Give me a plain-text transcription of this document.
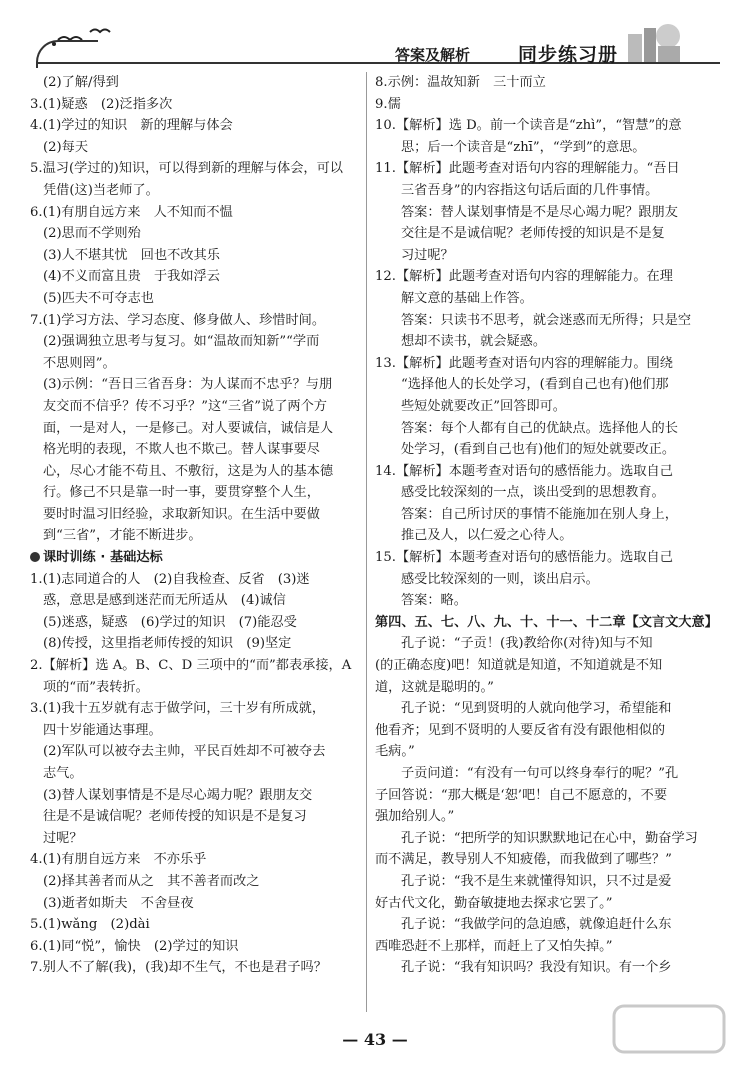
答案及解析	同步练习册
(2)了解/得到
3.(1)疑惑　(2)泛指多次
4.(1)学过的知识　新的理解与体会
(2)每天
5.温习(学过的)知识，可以得到新的理解与体会，可以
凭借(这)当老师了。
6.(1)有朋自远方来　人不知而不愠
(2)思而不学则殆
(3)人不堪其忧　回也不改其乐
(4)不义而富且贵　于我如浮云
(5)匹夫不可夺志也
7.(1)学习方法、学习态度、修身做人、珍惜时间。
(2)强调独立思考与复习。如“温故而知新”“学而
不思则罔”。
(3)示例：“吾日三省吾身：为人谋而不忠乎？与朋
友交而不信乎？传不习乎？”这“三省”说了两个方
面，一是对人，一是修己。对人要诚信，诚信是人
格光明的表现，不欺人也不欺己。替人谋事要尽
心，尽心才能不苟且、不敷衍，这是为人的基本德
行。修己不只是靠一时一事，要贯穿整个人生，
要时时温习旧经验，求取新知识。在生活中要做
到“三省”，才能不断进步。
课时训练 · 基础达标
1.(1)志同道合的人　(2)自我检查、反省　(3)迷
惑，意思是感到迷茫而无所适从　(4)诚信
(5)迷惑，疑惑　(6)学过的知识　(7)能忍受
(8)传授，这里指老师传授的知识　(9)坚定
2.【解析】选 A。B、C、D 三项中的“而”都表承接，A
项的“而”表转折。
3.(1)我十五岁就有志于做学问，三十岁有所成就，
四十岁能通达事理。
(2)军队可以被夺去主帅，平民百姓却不可被夺去
志气。
(3)替人谋划事情是不是尽心竭力呢？跟朋友交
往是不是诚信呢？老师传授的知识是不是复习
过呢？
4.(1)有朋自远方来　不亦乐乎
(2)择其善者而从之　其不善者而改之
(3)逝者如斯夫　不舍昼夜
5.(1)wǎng　(2)dài
6.(1)同“悦”，愉快　(2)学过的知识
7.别人不了解(我)，(我)却不生气，不也是君子吗？
8.示例：温故知新　三十而立
9.儒
10.【解析】选 D。前一个读音是“zhì”，“智慧”的意
思；后一个读音是“zhī”，“学到”的意思。
11.【解析】此题考查对语句内容的理解能力。“吾日
三省吾身”的内容指这句话后面的几件事情。
答案：替人谋划事情是不是尽心竭力呢？跟朋友
交往是不是诚信呢？老师传授的知识是不是复
习过呢？
12.【解析】此题考查对语句内容的理解能力。在理
解文意的基础上作答。
答案：只读书不思考，就会迷惑而无所得；只是空
想却不读书，就会疑惑。
13.【解析】此题考查对语句内容的理解能力。围绕
“选择他人的长处学习，(看到自己也有)他们那
些短处就要改正”回答即可。
答案：每个人都有自己的优缺点。选择他人的长
处学习，(看到自己也有)他们的短处就要改正。
14.【解析】本题考查对语句的感悟能力。选取自己
感受比较深刻的一点，谈出受到的思想教育。
答案：自己所讨厌的事情不能施加在别人身上，
推己及人，以仁爱之心待人。
15.【解析】本题考查对语句的感悟能力。选取自己
感受比较深刻的一则，谈出启示。
答案：略。
第四、五、七、八、九、十、十一、十二章【文言文大意】
孔子说：“子贡！(我)教给你(对待)知与不知
(的正确态度)吧！知道就是知道，不知道就是不知
道，这就是聪明的。”
孔子说：“见到贤明的人就向他学习，希望能和
他看齐；见到不贤明的人要反省有没有跟他相似的
毛病。”
子贡问道：“有没有一句可以终身奉行的呢？”孔
子回答说：“那大概是‘恕’吧！自己不愿意的，不要
强加给别人。”
孔子说：“把所学的知识默默地记在心中，勤奋学习
而不满足，教导别人不知疲倦，而我做到了哪些？”
孔子说：“我不是生来就懂得知识，只不过是爱
好古代文化，勤奋敏捷地去探求它罢了。”
孔子说：“我做学问的急迫感，就像追赶什么东
西唯恐赶不上那样，而赶上了又怕失掉。”
孔子说：“我有知识吗？我没有知识。有一个乡
— 43 —
